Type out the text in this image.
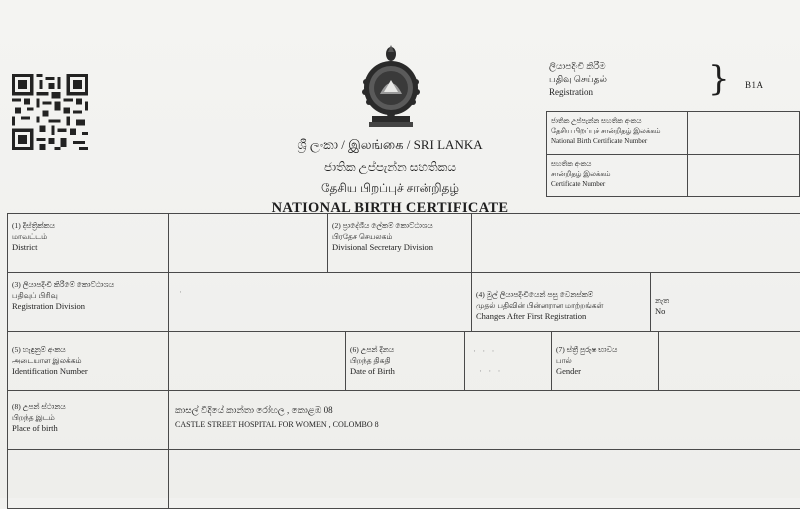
ශ්‍රී ලංකා / இலங்கை / SRI LANKA
ජාතික උප්පැන්න සහතිකය
தேசிய பிறப்புச் சான்றிதழ்
NATIONAL BIRTH CERTIFICATE
ලියාපදිංචි කිරීම
பதிவு செய்தல்
Registration	} B1A
ජාතික උප්පැන්න සහතික අංකය
தேசிய பிறப்புச் சான்றிதழ் இலக்கம்
National Birth Certificate Number
සහතික අංකය
சான்றிதழ் இலக்கம்
Certificate Number
(1) දිස්ත්‍රික්කය
மாவட்டம்
District
(2) ප්‍රාදේශීය ලේකම් කොට්ඨාශය
பிரதேச செயலகம்
Divisional Secretary Division
(3) ලියාපදිංචි කිරීමේ කොට්ඨාශය
பதிவுப் பிரிவு
Registration Division
·	(4) මුල් ලියාපදිංචියෙන් පසු වෙනස්කම්
முதல் பதிவின் பின்னரான மாற்றங்கள்
Changes After First Registration
නැත
No
(5) හැඳුනුම් අංකය
அடையாள இலக்கம்
Identification Number
(6) උපන් දිනය
பிறந்த திகதி
Date of Birth
· · ·
· · ·
(7) ස්ත්‍රී පුරුෂ භාවය
பால்
Gender
(8) උපන් ස්ථානය
பிறந்த இடம்
Place of birth
කාසල් වීදියේ කාන්තා රෝහල , කොළඹ 08
CASTLE STREET HOSPITAL FOR WOMEN , COLOMBO 8
